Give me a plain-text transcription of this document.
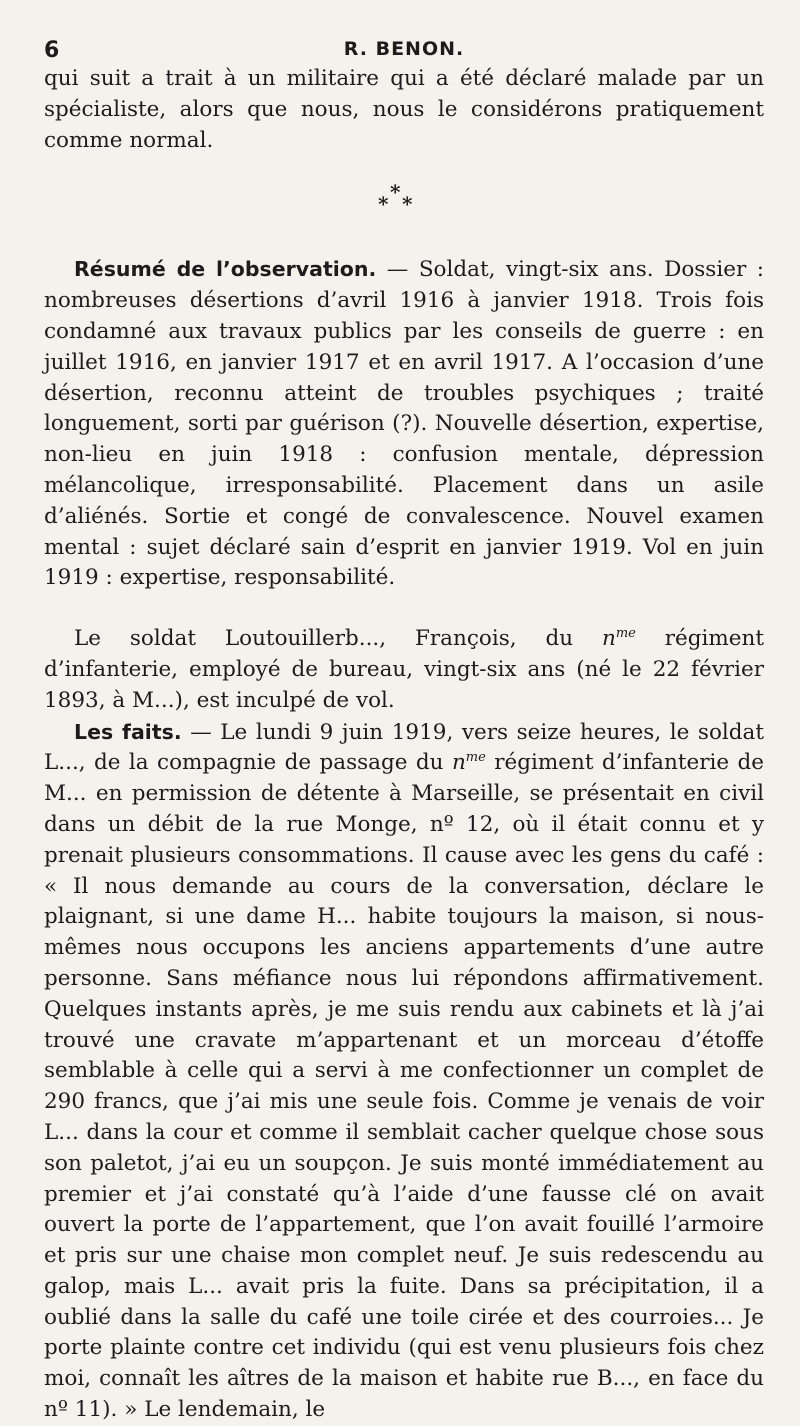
6	R. BENON.

qui suit a trait à un militaire qui a été déclaré malade par un spécialiste, alors que nous, nous le considérons pratiquement comme normal.

*
* *

Résumé de l’observation. — Soldat, vingt-six ans. Dossier : nombreuses désertions d’avril 1916 à janvier 1918. Trois fois condamné aux travaux publics par les conseils de guerre : en juillet 1916, en janvier 1917 et en avril 1917. A l’occasion d’une désertion, reconnu atteint de troubles psychiques ; traité longuement, sorti par guérison (?). Nouvelle désertion, expertise, non-lieu en juin 1918 : confusion mentale, dépression mélancolique, irresponsabilité. Placement dans un asile d’aliénés. Sortie et congé de convalescence. Nouvel examen mental : sujet déclaré sain d’esprit en janvier 1919. Vol en juin 1919 : expertise, responsabilité.

Le soldat Loutouillerb..., François, du $n^{me}$ régiment d’infanterie, employé de bureau, vingt-six ans (né le 22 février 1893, à M...), est inculpé de vol.

Les faits. — Le lundi 9 juin 1919, vers seize heures, le soldat L..., de la compagnie de passage du $n^{me}$ régiment d’infanterie de M... en permission de détente à Marseille, se présentait en civil dans un débit de la rue Monge, nº 12, où il était connu et y prenait plusieurs consommations. Il cause avec les gens du café : « Il nous demande au cours de la conversation, déclare le plaignant, si une dame H... habite toujours la maison, si nous-mêmes nous occupons les anciens appartements d’une autre personne. Sans méfiance nous lui répondons affirmativement. Quelques instants après, je me suis rendu aux cabinets et là j’ai trouvé une cravate m’appartenant et un morceau d’étoffe semblable à celle qui a servi à me confectionner un complet de 290 francs, que j’ai mis une seule fois. Comme je venais de voir L... dans la cour et comme il semblait cacher quelque chose sous son paletot, j’ai eu un soupçon. Je suis monté immédiatement au premier et j’ai constaté qu’à l’aide d’une fausse clé on avait ouvert la porte de l’appartement, que l’on avait fouillé l’armoire et pris sur une chaise mon complet neuf. Je suis redescendu au galop, mais L... avait pris la fuite. Dans sa précipitation, il a oublié dans la salle du café une toile cirée et des courroies... Je porte plainte contre cet individu (qui est venu plusieurs fois chez moi, connaît les aîtres de la maison et habite rue B..., en face du nº 11). » Le lendemain, le
